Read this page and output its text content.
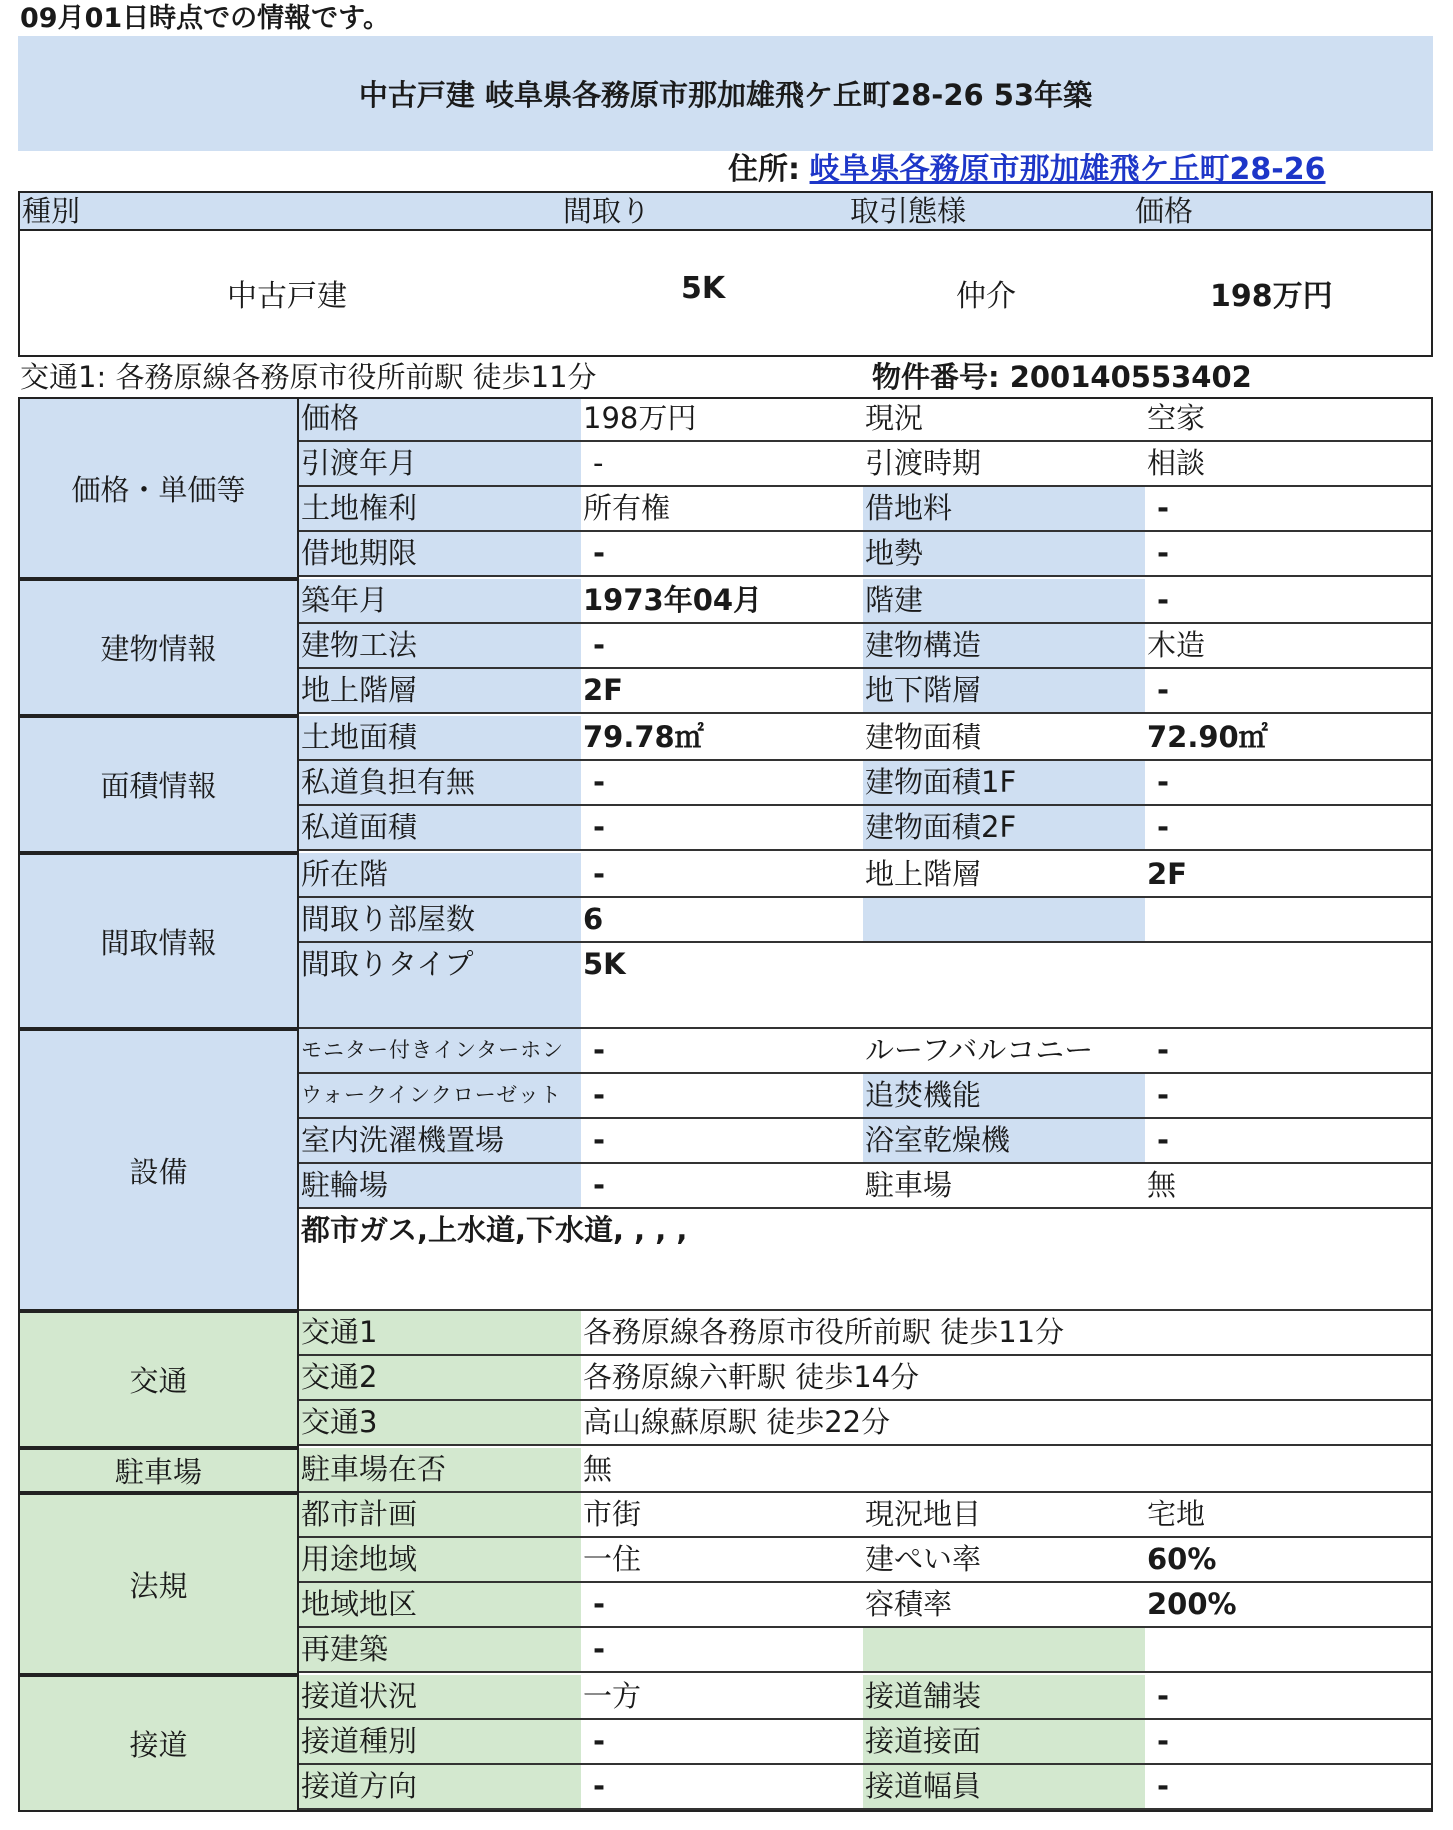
09月01日時点での情報です。
中古戸建 岐阜県各務原市那加雄飛ケ丘町28-26 53年築
住所: 岐阜県各務原市那加雄飛ケ丘町28-26
種別	間取り	取引態様	価格
中古戸建	5K	仲介	198万円
交通1: 各務原線各務原市役所前駅 徒歩11分	物件番号: 200140553402
価格・単価等
価格	198万円	現況	空家
引渡年月	-	引渡時期	相談
土地権利	所有権	借地料	-
借地期限	-	地勢	-
建物情報
築年月	1973年04月	階建	-
建物工法	-	建物構造	木造
地上階層	2F	地下階層	-
面積情報
土地面積	79.78㎡	建物面積	72.90㎡
私道負担有無	-	建物面積1F	-
私道面積	-	建物面積2F	-
間取情報
所在階	-	地上階層	2F
間取り部屋数	6
間取りタイプ	5K
設備
モニター付きインターホン -	ルーフバルコニー	-
ウォークインクローゼット	-	追焚機能	-
室内洗濯機置場	-	浴室乾燥機	-
駐輪場	-	駐車場	無
都市ガス,上水道,下水道, , , ,
交通
交通1	各務原線各務原市役所前駅 徒歩11分
交通2	各務原線六軒駅 徒歩14分
交通3	高山線蘇原駅 徒歩22分
駐車場	駐車場在否	無
法規
都市計画	市街	現況地目	宅地
用途地域	一住	建ぺい率	60%
地域地区	-	容積率	200%
再建築	-
接道
接道状況	一方	接道舗装	-
接道種別	-	接道接面	-
接道方向	-	接道幅員	-
